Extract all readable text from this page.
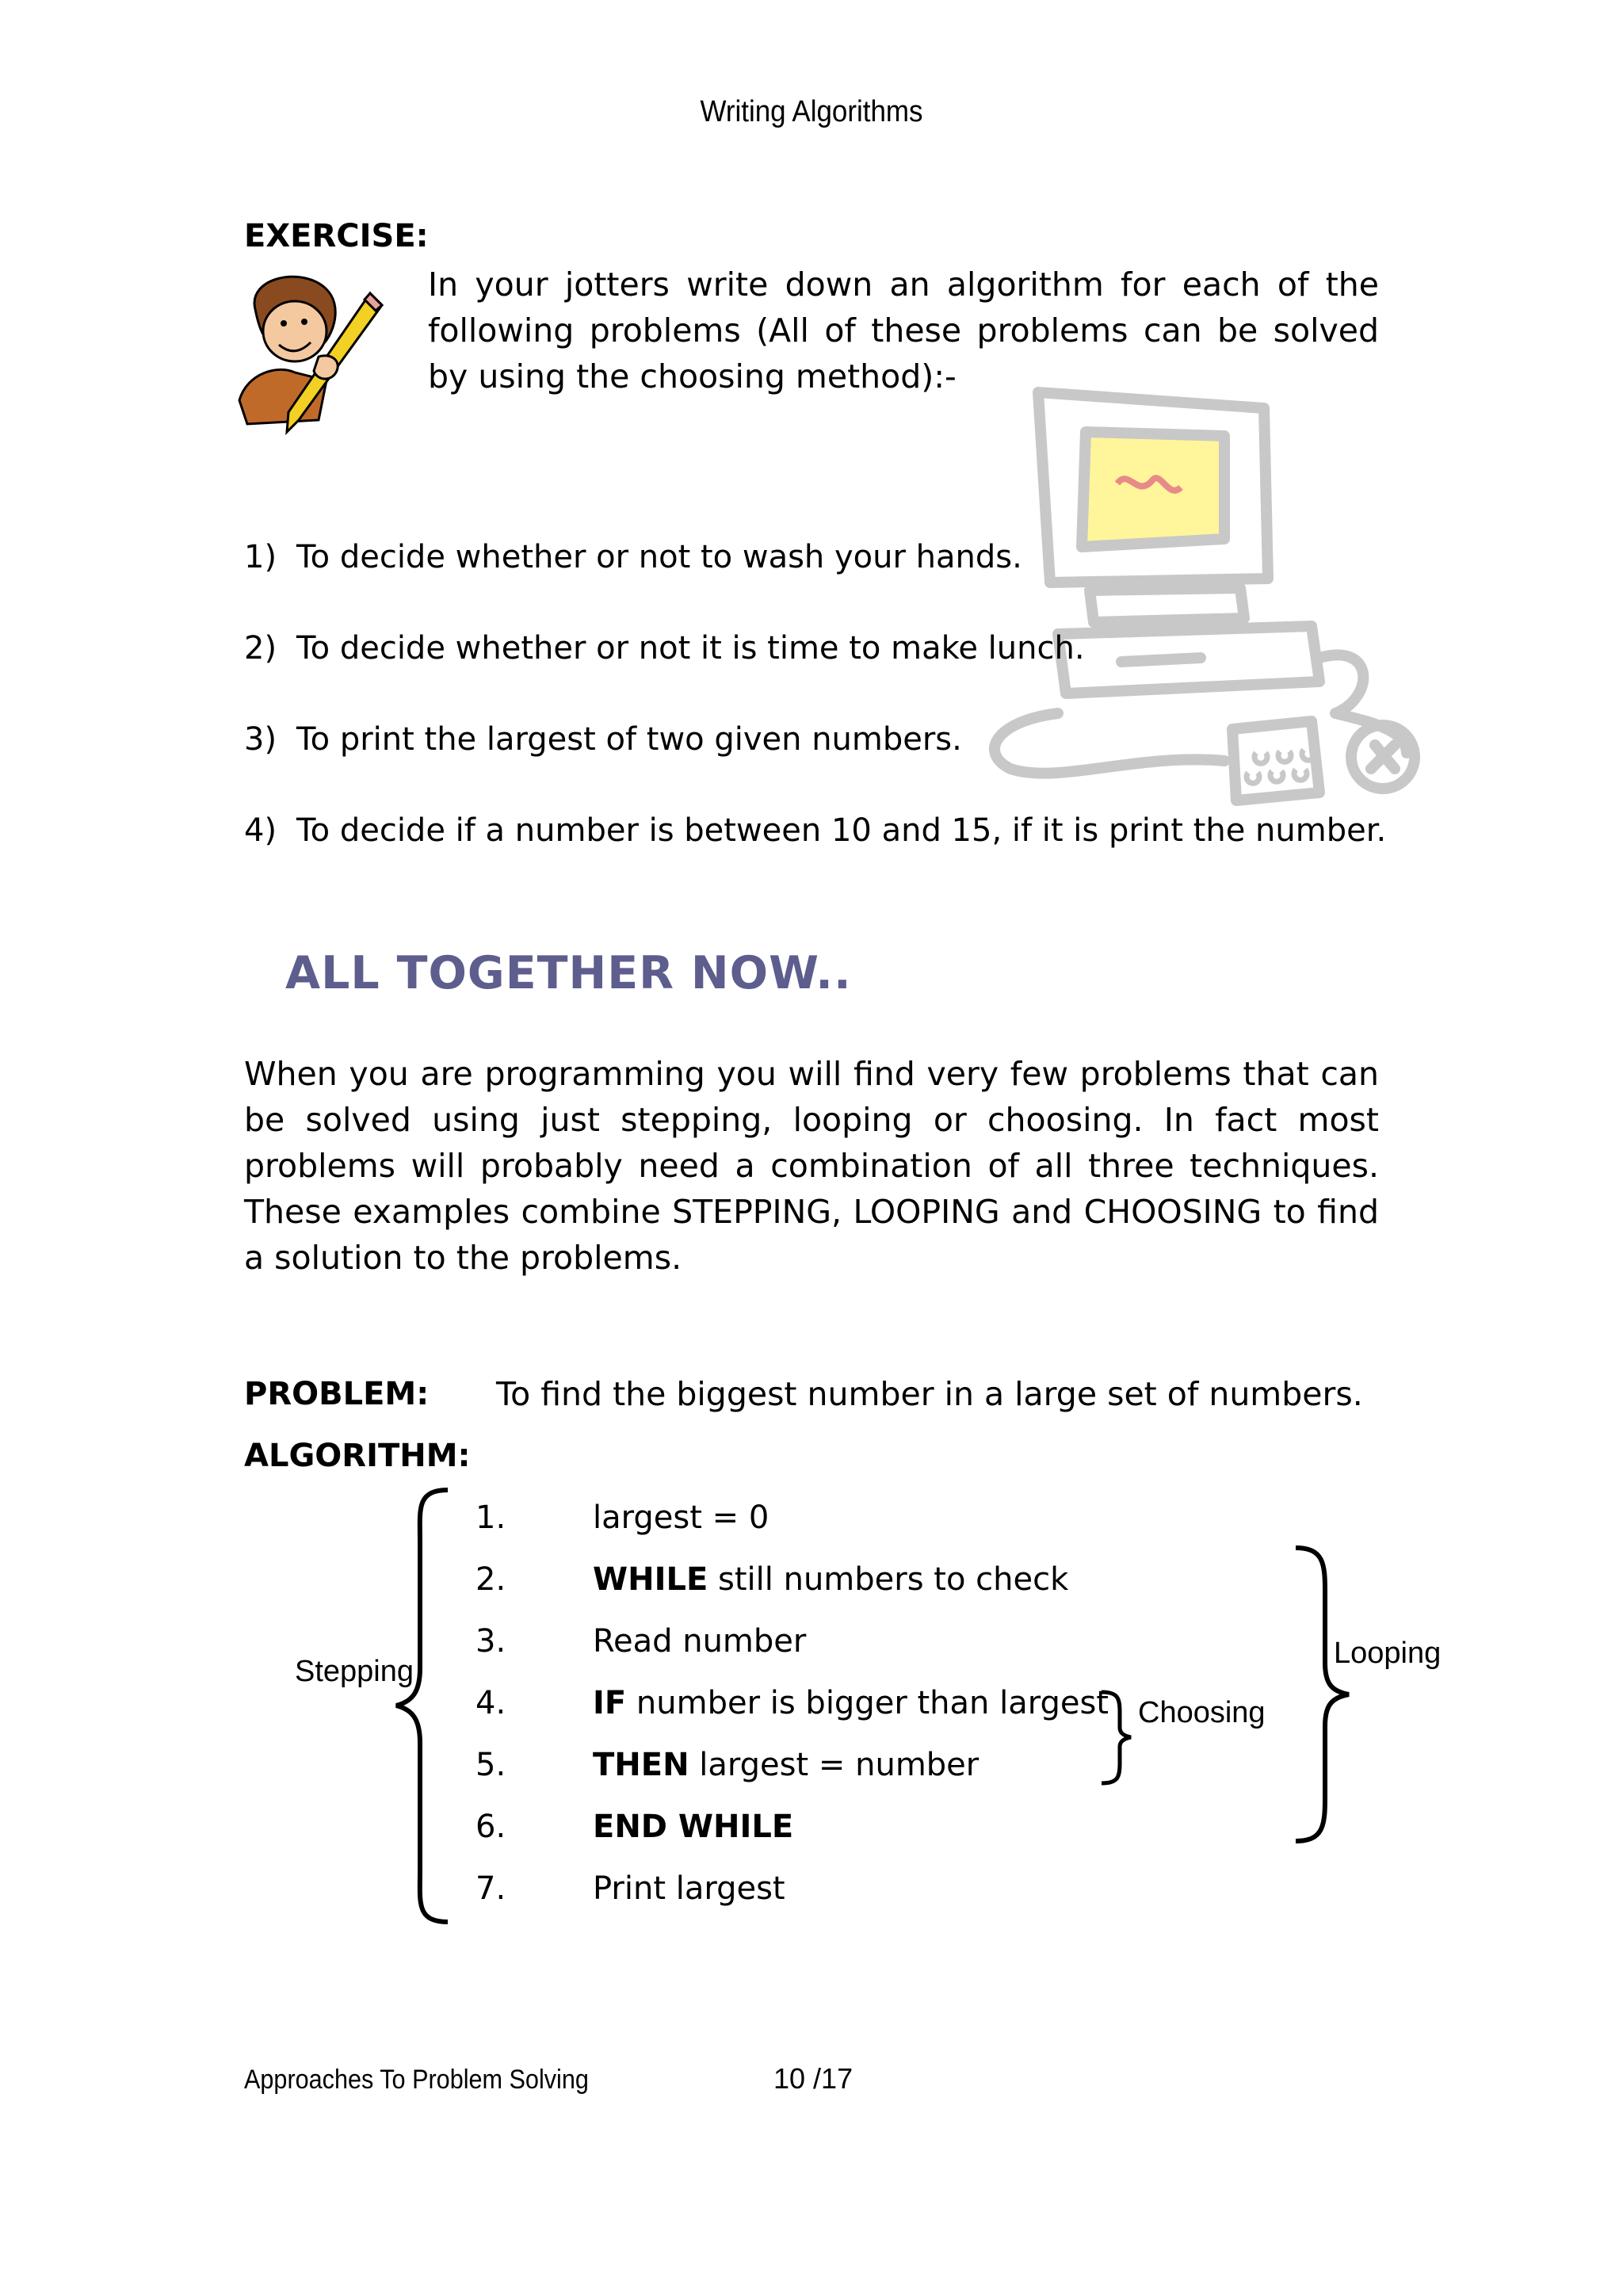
Writing Algorithms
EXERCISE:
In your jotters write down an algorithm for each of the following problems (All of these problems can be solved by using the choosing method):-
1) To decide whether or not to wash your hands.
2) To decide whether or not it is time to make lunch.
3) To print the largest of two given numbers.
4) To decide if a number is between 10 and 15, if it is print the number.
ALL TOGETHER NOW..
When you are programming you will find very few problems that can be solved using just stepping, looping or choosing. In fact most problems will probably need a combination of all three techniques. These examples combine STEPPING, LOOPING and CHOOSING to find a solution to the problems.
PROBLEM: To find the biggest number in a large set of numbers.
ALGORITHM:
1.	largest = 0
2.	WHILE still numbers to check
3.	Read number
4.	IF number is bigger than largest
5.	THEN largest = number
6.	END WHILE
7.	Print largest
Stepping
Choosing
Looping
Approaches To Problem Solving	10 /17
